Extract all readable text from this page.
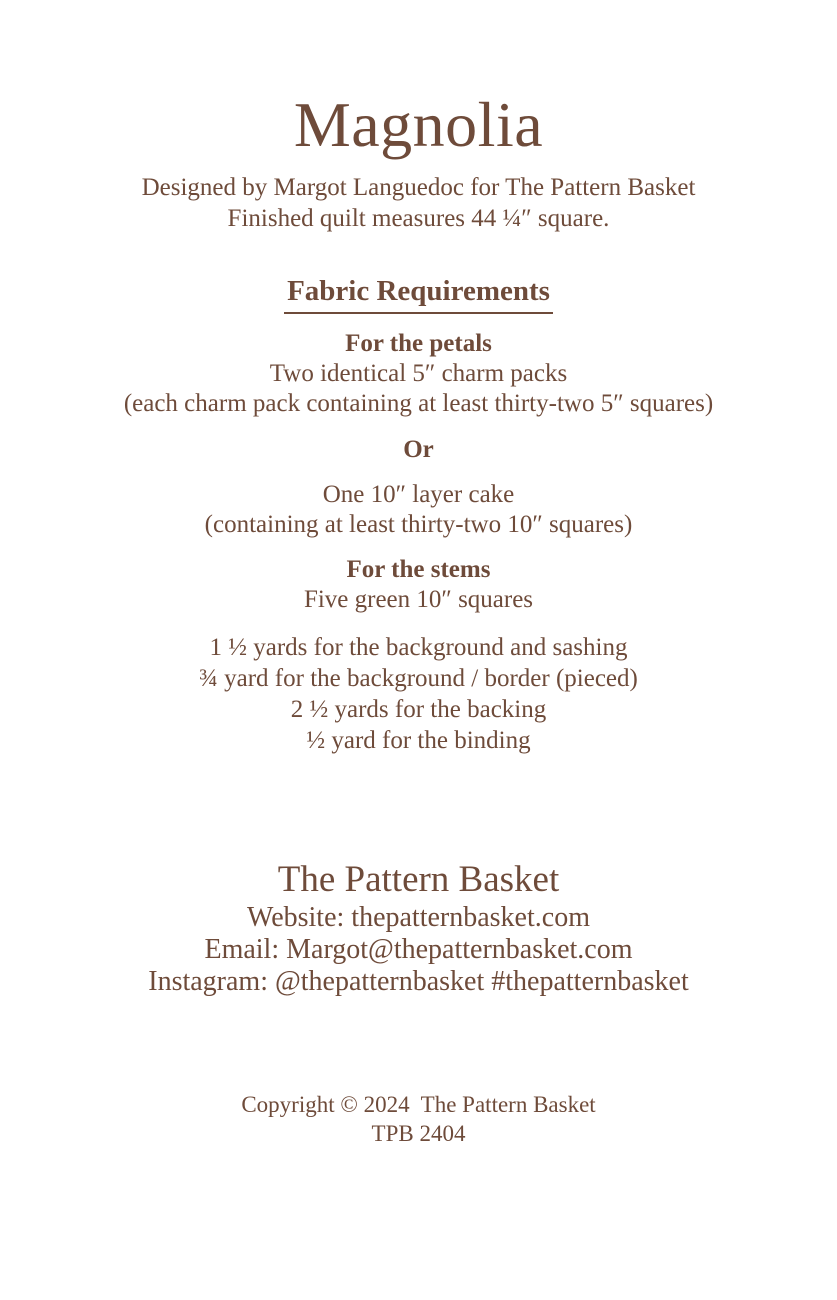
Magnolia
Designed by Margot Languedoc for The Pattern Basket
Finished quilt measures 44 ¼″ square.
Fabric Requirements
For the petals
Two identical 5″ charm packs
(each charm pack containing at least thirty-two 5″ squares)
Or
One 10″ layer cake
(containing at least thirty-two 10″ squares)
For the stems
Five green 10″ squares
1 ½ yards for the background and sashing
¾ yard for the background / border (pieced)
2 ½ yards for the backing
½ yard for the binding
The Pattern Basket
Website: thepatternbasket.com
Email: Margot@thepatternbasket.com
Instagram: @thepatternbasket #thepatternbasket
Copyright © 2024  The Pattern Basket
TPB 2404
